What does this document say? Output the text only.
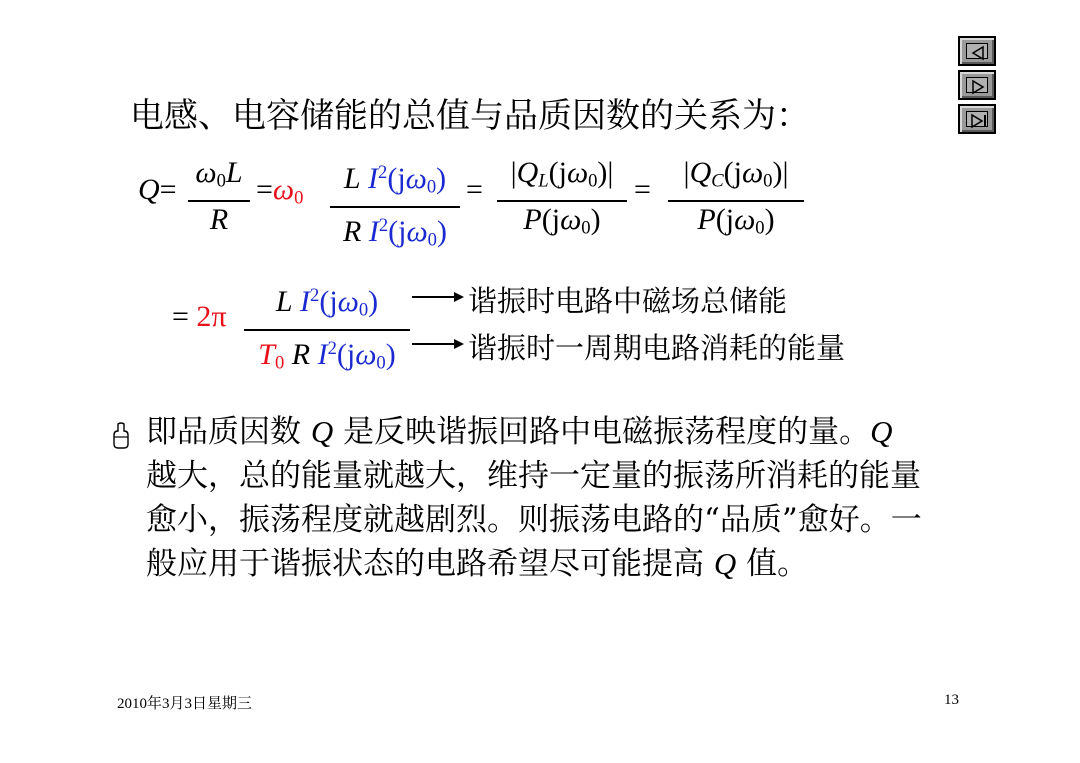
电感、电容储能的总值与品质因数的关系为：
Q=
$\omega_0L$
R
$=\omega_0$
L $I^2(j\omega_0)$
R $I^2(j\omega_0)$
=
$|Q_L(j\omega_0)|$
$P(j\omega_0)$
=
$|Q_C(j\omega_0)|$
$P(j\omega_0)$
= 2π	L $I^2(j\omega_0)$
$T_0$ R $I^2(j\omega_0)$
谐振时电路中磁场总储能
谐振时一周期电路消耗的能量
即品质因数 Q 是反映谐振回路中电磁振荡程度的量。Q 越大，总的能量就越大，维持一定量的振荡所消耗的能量愈小，振荡程度就越剧烈。则振荡电路的“品质”愈好。一般应用于谐振状态的电路希望尽可能提高 Q 值。
2010年3月3日星期三	13
